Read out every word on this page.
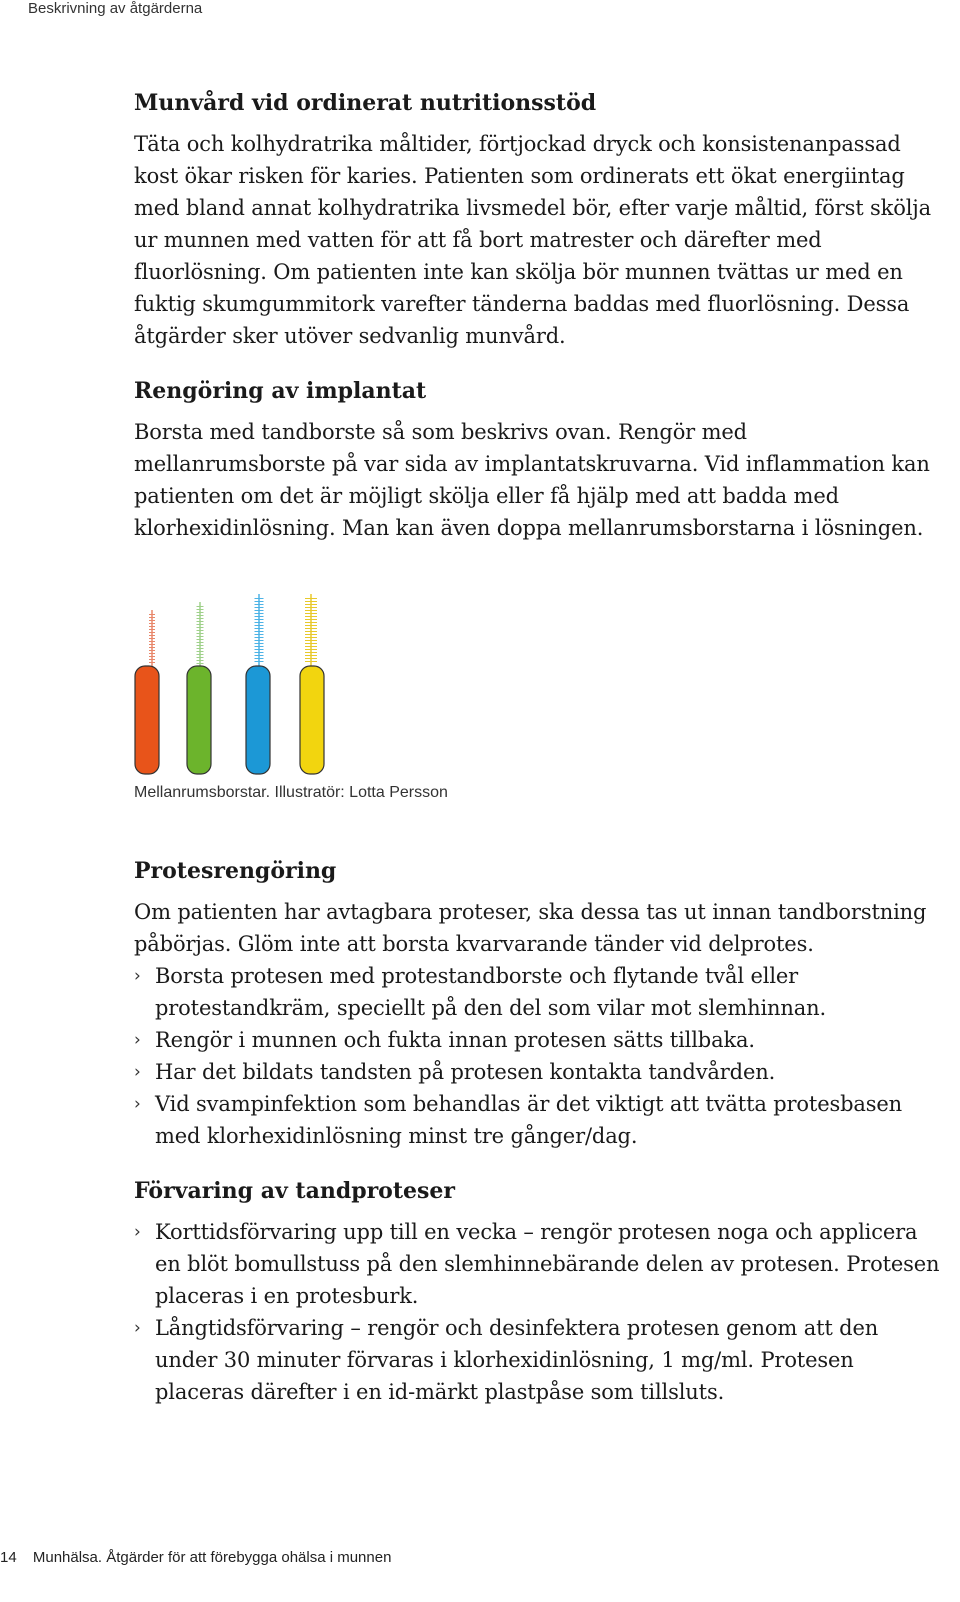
Beskrivning av åtgärderna
Munvård vid ordinerat nutritionsstöd

Täta och kolhydratrika måltider, förtjockad dryck och konsistenanpassad kost ökar risken för karies. Patienten som ordinerats ett ökat energiintag med bland annat kolhydratrika livsmedel bör, efter varje måltid, först skölja ur munnen med vatten för att få bort matrester och därefter med fluorlösning. Om patienten inte kan skölja bör munnen tvättas ur med en fuktig skumgummitork varefter tänderna baddas med fluorlösning. Dessa åtgärder sker utöver sedvanlig munvård.

Rengöring av implantat

Borsta med tandborste så som beskrivs ovan. Rengör med mellanrumsborste på var sida av implantatskruvarna. Vid inflammation kan patienten om det är möjligt skölja eller få hjälp med att badda med klorhexidinlösning. Man kan även doppa mellanrumsborstarna i lösningen.

Mellanrumsborstar. Illustratör: Lotta Persson
Protesrengöring

Om patienten har avtagbara proteser, ska dessa tas ut innan tandborstning påbörjas. Glöm inte att borsta kvarvarande tänder vid delprotes.

› Borsta protesen med protestandborste och flytande tvål eller protestandkräm, speciellt på den del som vilar mot slemhinnan.
› Rengör i munnen och fukta innan protesen sätts tillbaka.
› Har det bildats tandsten på protesen kontakta tandvården.
› Vid svampinfektion som behandlas är det viktigt att tvätta protesbasen med klorhexidinlösning minst tre gånger/dag.
Förvaring av tandproteser
› Korttidsförvaring upp till en vecka – rengör protesen noga och applicera en blöt bomullstuss på den slemhinnebärande delen av protesen. Protesen placeras i en protesburk.
› Långtidsförvaring – rengör och desinfektera protesen genom att den under 30 minuter förvaras i klorhexidinlösning, 1 mg/ml. Protesen placeras därefter i en id-märkt plastpåse som tillsluts.
14 Munhälsa. Åtgärder för att förebygga ohälsa i munnen
